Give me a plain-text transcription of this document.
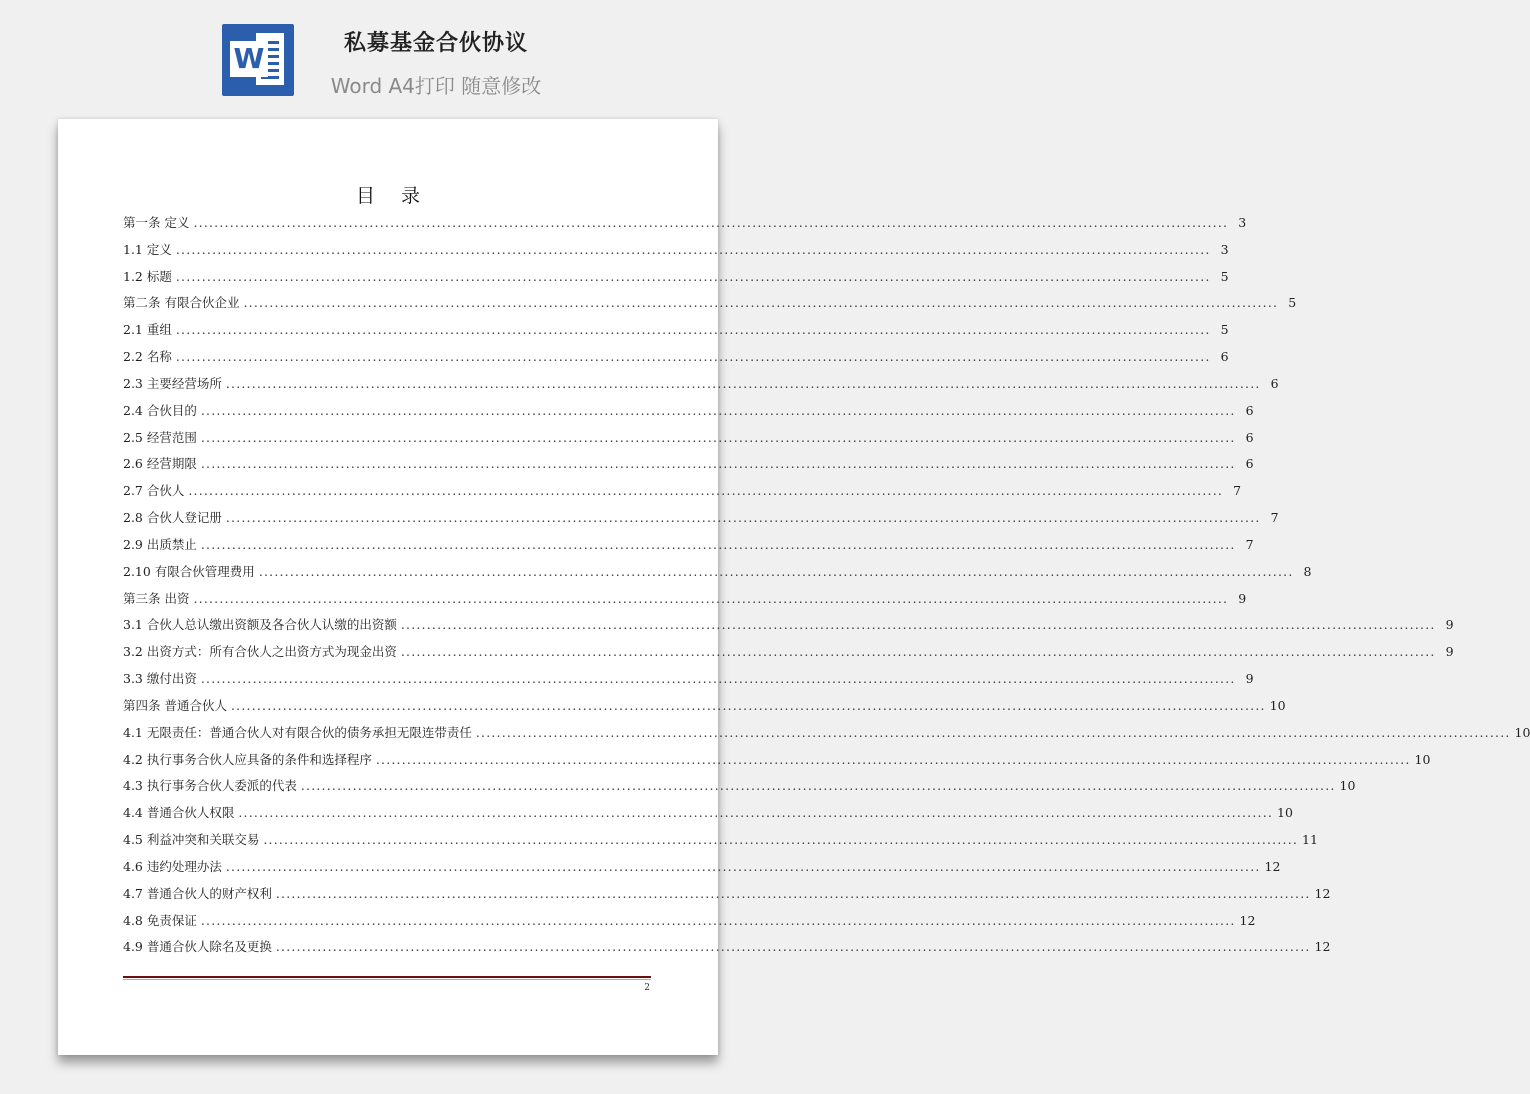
W	私募基金合伙协议
Word A4打印 随意修改
目 录
第一条 定义 ........................................................................................................................................................................................................ 3
1.1 定义 ........................................................................................................................................................................................................ 3
1.2 标题 ........................................................................................................................................................................................................ 5
第二条 有限合伙企业 ........................................................................................................................................................................................................ 5
2.1 重组 ........................................................................................................................................................................................................ 5
2.2 名称 ........................................................................................................................................................................................................ 6
2.3 主要经营场所 ........................................................................................................................................................................................................ 6
2.4 合伙目的 ........................................................................................................................................................................................................ 6
2.5 经营范围 ........................................................................................................................................................................................................ 6
2.6 经营期限 ........................................................................................................................................................................................................ 6
2.7 合伙人 ........................................................................................................................................................................................................ 7
2.8 合伙人登记册 ........................................................................................................................................................................................................ 7
2.9 出质禁止 ........................................................................................................................................................................................................ 7
2.10 有限合伙管理费用 ........................................................................................................................................................................................................ 8
第三条 出资 ........................................................................................................................................................................................................ 9
3.1 合伙人总认缴出资额及各合伙人认缴的出资额 ........................................................................................................................................................................................................ 9
3.2 出资方式：所有合伙人之出资方式为现金出资 ........................................................................................................................................................................................................ 9
3.3 缴付出资 ........................................................................................................................................................................................................ 9
第四条 普通合伙人 ........................................................................................................................................................................................................ 10
4.1 无限责任：普通合伙人对有限合伙的债务承担无限连带责任 ........................................................................................................................................................................................................ 10
4.2 执行事务合伙人应具备的条件和选择程序 ........................................................................................................................................................................................................ 10
4.3 执行事务合伙人委派的代表 ........................................................................................................................................................................................................ 10
4.4 普通合伙人权限 ........................................................................................................................................................................................................ 10
4.5 利益冲突和关联交易 ........................................................................................................................................................................................................ 11
4.6 违约处理办法 ........................................................................................................................................................................................................ 12
4.7 普通合伙人的财产权利 ........................................................................................................................................................................................................ 12
4.8 免责保证 ........................................................................................................................................................................................................ 12
4.9 普通合伙人除名及更换 ........................................................................................................................................................................................................ 12
2
